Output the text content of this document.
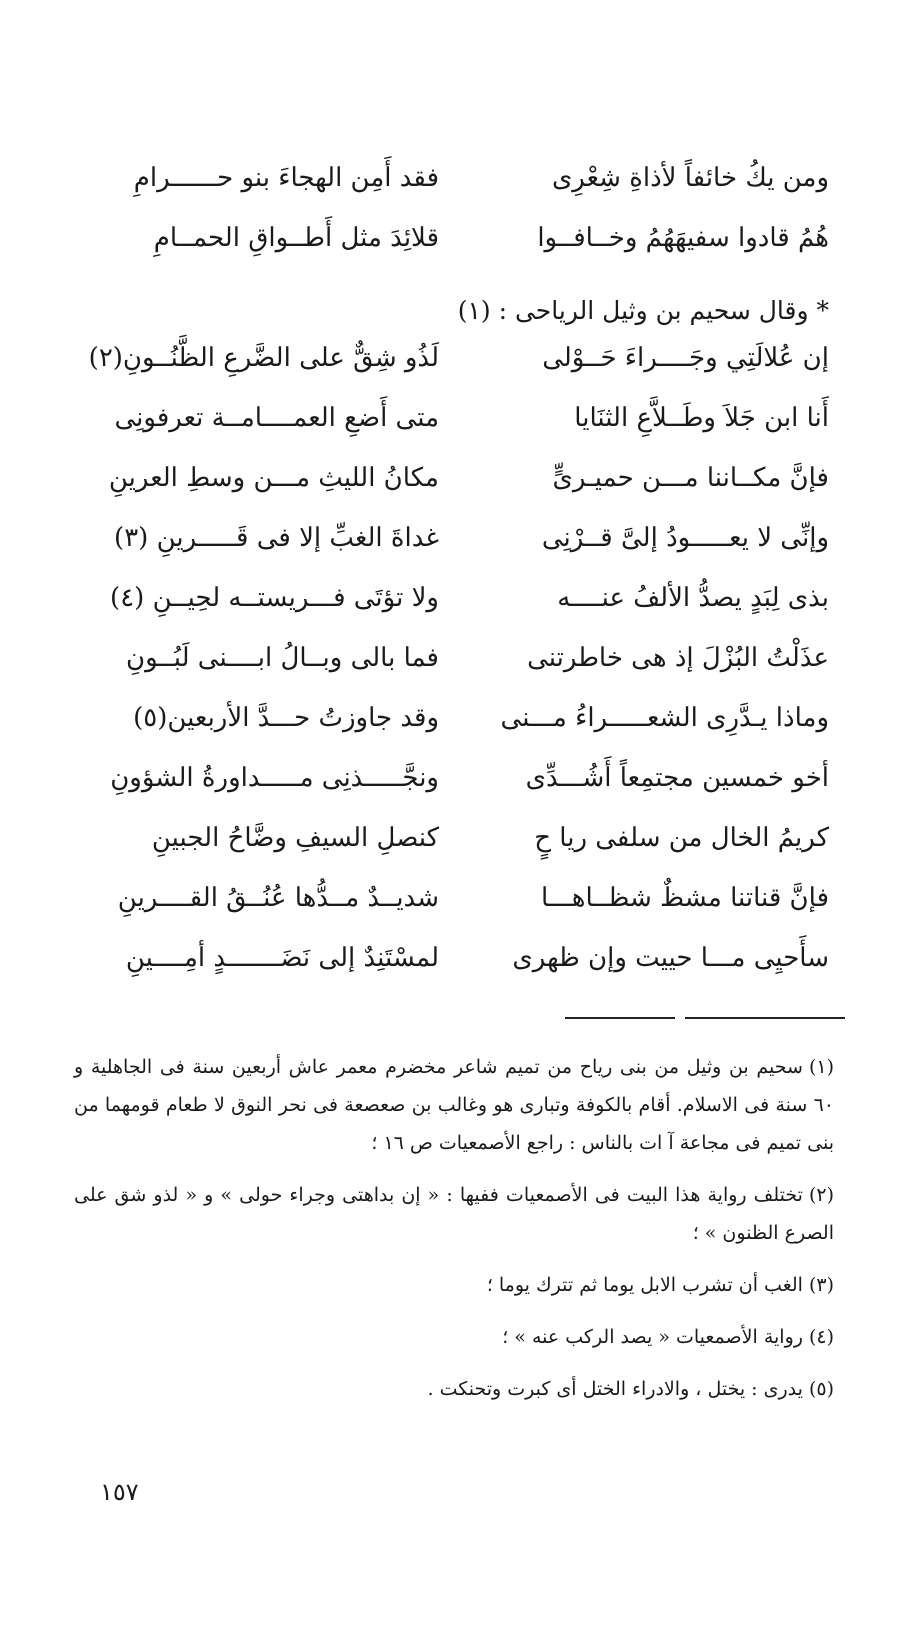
ومن يكُ خائفاً لأذاةِ شِعْرِى
فقد أَمِن الهجاءَ بنو حــــــرامِ
هُمُ قادوا سفيهَهُمُ وخــافــوا
قلائِدَ مثل أَطــواقِ الحمــامِ
* وقال سحيم بن وثيل الرياحى : (١)
إن عُلالَتِي وجَــــراءَ حَــوْلى
لَذُو شِقٌّ على الضَّرعِ الظَّنُــونِ(٢)
أَنا ابن جَلاَ وطَــلاَّعِ الثنَايا
متى أَضعِ العمــــامــة تعرفونِى
فإنَّ مكــاننا مـــن حميـرىٍّ
مكانُ الليثِ مـــن وسطِ العرينِ
وإنِّى لا يعـــــودُ إلىَّ قــرْنِى
غداةَ الغبِّ إلا فى قَـــــرينِ (٣)
بذى لِبَدٍ يصدُّ الألفُ عنــــه
ولا تؤتَى فـــريستــه لحِيــنِ (٤)
عذَلْتُ البُزْلَ إذ هى خاطرتنى
فما بالى وبــالُ ابــــنى لَبُــونِ
وماذا يـدَّرِى الشعـــــراءُ مـــنى
وقد جاوزتُ حـــدَّ الأربعين(٥)
أخو خمسين مجتمِعاً أَشُـــدِّى
ونجَّـــــذنِى مـــــداورةُ الشؤونِ
كريمُ الخال من سلفى ريا حٍ
كنصلِ السيفِ وضَّاحُ الجبينِ
فإنَّ قناتنا مشظٌ شظــاهـــا
شديــدٌ مــدُّها عُنُــقُ القــــرينِ
سأَحيِى مـــا حييت وإن ظهرى
لمسْتَنِدٌ إلى نَضَـــــــدٍ أمِــــينِ

(١)سحيم بن وثيل من بنى رياح من تميم شاعر مخضرم معمر عاش أربعين سنة فى الجاهلية و ٦٠ سنة فى الاسلام. أقام بالكوفة وتبارى هو وغالب بن صعصعة فى نحر النوق لا طعام قومهما من بنى تميم فى مجاعة آ ات بالناس : راجع الأصمعيات ص ١٦ ؛

(٢)تختلف رواية هذا البيت فى الأصمعيات ففيها : « إن بداهتى وجراء حولى » و « لذو شق على الصرع الظنون » ؛

(٣)الغب أن تشرب الابل يوما ثم تترك يوما ؛

(٤)رواية الأصمعيات « يصد الركب عنه » ؛

(٥)يدرى : يختل ، والادراء الختل أى كبرت وتحنكت .

١٥٧
